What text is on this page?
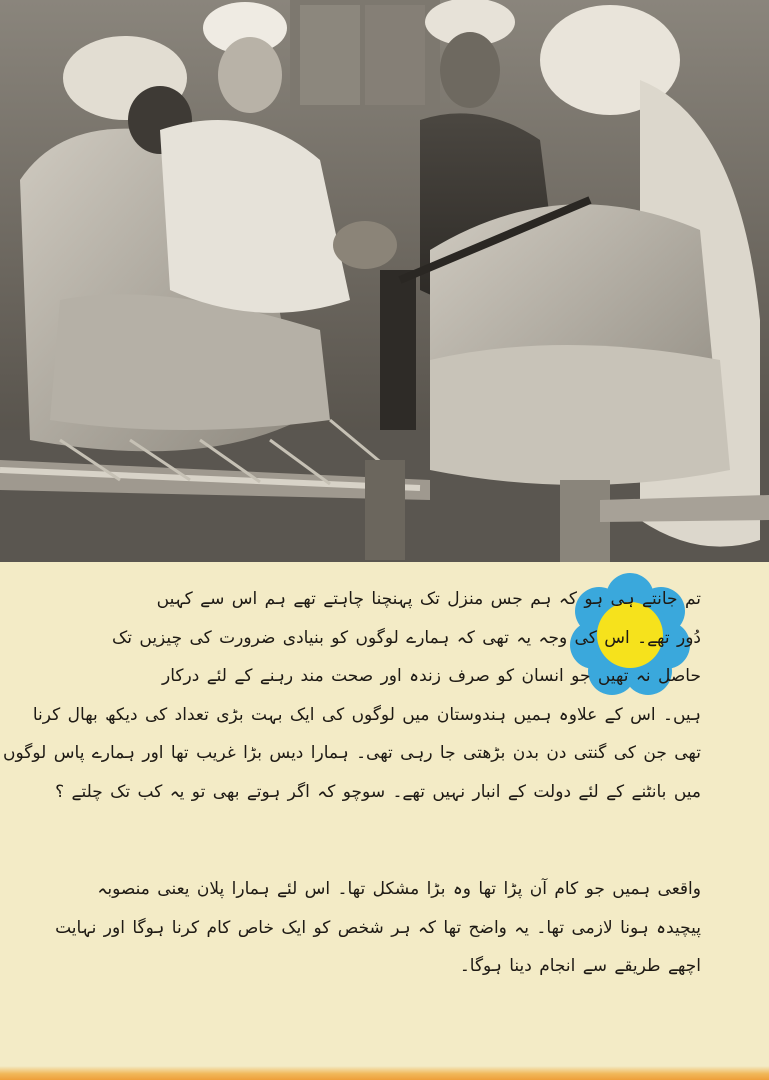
تم جانتے ہی ہو کہ ہم جس منزل تک پہنچنا چاہتے تھے ہم اس سے کہیں
دُور تھے۔ اس کی وجہ یہ تھی کہ ہمارے لوگوں کو بنیادی ضرورت کی چیزیں تک
حاصل نہ تھیں جو انسان کو صرف زندہ اور صحت مند رہنے کے لئے درکار
ہیں۔ اس کے علاوہ ہمیں ہندوستان میں لوگوں کی ایک بہت بڑی تعداد کی دیکھ بھال کرنا
تھی جن کی گنتی دن بدن بڑھتی جا رہی تھی۔ ہمارا دیس بڑا غریب تھا اور ہمارے پاس لوگوں
میں بانٹنے کے لئے دولت کے انبار نہیں تھے۔ سوچو کہ اگر ہوتے بھی تو یہ کب تک چلتے ؟
واقعی ہمیں جو کام آن پڑا تھا وہ بڑا مشکل تھا۔ اس لئے ہمارا پلان یعنی منصوبہ
پیچیدہ ہونا لازمی تھا۔ یہ واضح تھا کہ ہر شخص کو ایک خاص کام کرنا ہوگا اور نہایت
اچھے طریقے سے انجام دینا ہوگا۔
